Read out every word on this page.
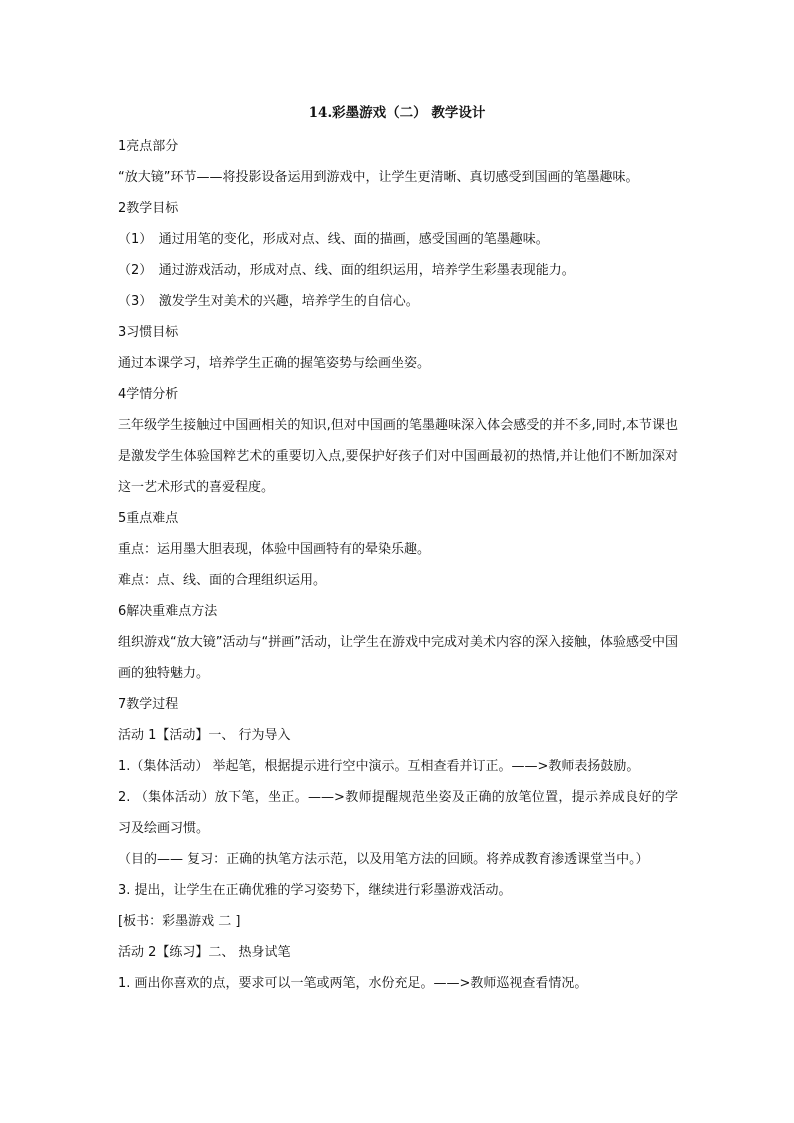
14.彩墨游戏（二） 教学设计

1亮点部分

“放大镜”环节——将投影设备运用到游戏中，让学生更清晰、真切感受到国画的笔墨趣味。

2教学目标

（1）　通过用笔的变化，形成对点、线、面的描画，感受国画的笔墨趣味。

（2）　通过游戏活动，形成对点、线、面的组织运用，培养学生彩墨表现能力。

（3）　激发学生对美术的兴趣，培养学生的自信心。

3习惯目标

通过本课学习，培养学生正确的握笔姿势与绘画坐姿。

4学情分析

三年级学生接触过中国画相关的知识,但对中国画的笔墨趣味深入体会感受的并不多,同时,本节课也是激发学生体验国粹艺术的重要切入点,要保护好孩子们对中国画最初的热情,并让他们不断加深对这一艺术形式的喜爱程度。

5重点难点

重点：运用墨大胆表现，体验中国画特有的晕染乐趣。

难点：点、线、面的合理组织运用。

6解决重难点方法

组织游戏“放大镜”活动与“拼画”活动，让学生在游戏中完成对美术内容的深入接触，体验感受中国画的独特魅力。

7教学过程

活动 1【活动】一、 行为导入

1.（集体活动） 举起笔，根据提示进行空中演示。互相查看并订正。——>教师表扬鼓励。

2. （集体活动）放下笔，坐正。——>教师提醒规范坐姿及正确的放笔位置，提示养成良好的学习及绘画习惯。

（目的—— 复习：正确的执笔方法示范，以及用笔方法的回顾。将养成教育渗透课堂当中。）

3. 提出，让学生在正确优雅的学习姿势下，继续进行彩墨游戏活动。

[板书：彩墨游戏 二 ]

活动 2【练习】二、 热身试笔

1. 画出你喜欢的点，要求可以一笔或两笔，水份充足。——>教师巡视查看情况。
